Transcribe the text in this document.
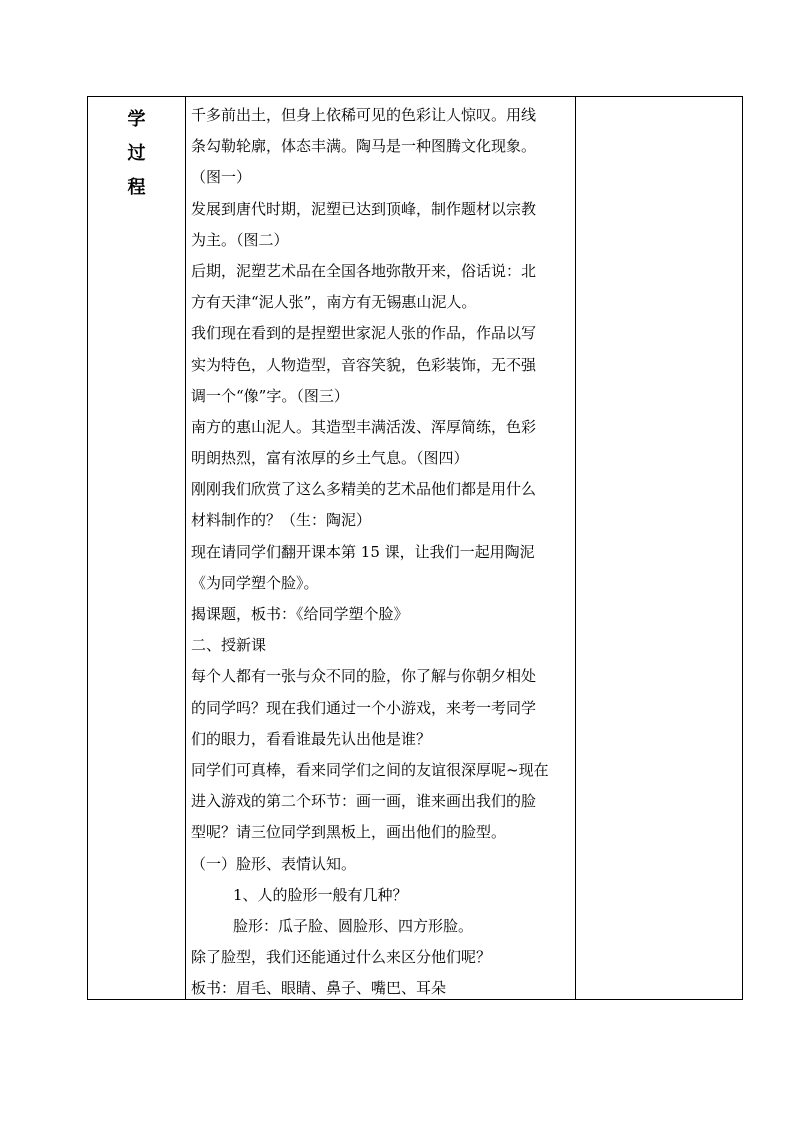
学
过
程
千多前出土，但身上依稀可见的色彩让人惊叹。用线
条勾勒轮廓，体态丰满。陶马是一种图腾文化现象。
（图一）
发展到唐代时期，泥塑已达到顶峰，制作题材以宗教
为主。（图二）
后期，泥塑艺术品在全国各地弥散开来，俗话说：北
方有天津“泥人张”，南方有无锡惠山泥人。
我们现在看到的是捏塑世家泥人张的作品，作品以写
实为特色，人物造型，音容笑貌，色彩装饰，无不强
调一个“像”字。（图三）
南方的惠山泥人。其造型丰满活泼、浑厚简练，色彩
明朗热烈，富有浓厚的乡土气息。（图四）
刚刚我们欣赏了这么多精美的艺术品他们都是用什么
材料制作的？（生：陶泥）
现在请同学们翻开课本第 15 课，让我们一起用陶泥
《为同学塑个脸》。
揭课题，板书：《给同学塑个脸》
二、授新课
每个人都有一张与众不同的脸，你了解与你朝夕相处
的同学吗？现在我们通过一个小游戏，来考一考同学
们的眼力，看看谁最先认出他是谁？
同学们可真棒，看来同学们之间的友谊很深厚呢~现在
进入游戏的第二个环节：画一画，谁来画出我们的脸
型呢？请三位同学到黑板上，画出他们的脸型。
（一）脸形、表情认知。
1、人的脸形一般有几种？
脸形：瓜子脸、圆脸形、四方形脸。
除了脸型，我们还能通过什么来区分他们呢？
板书：眉毛、眼睛、鼻子、嘴巴、耳朵
